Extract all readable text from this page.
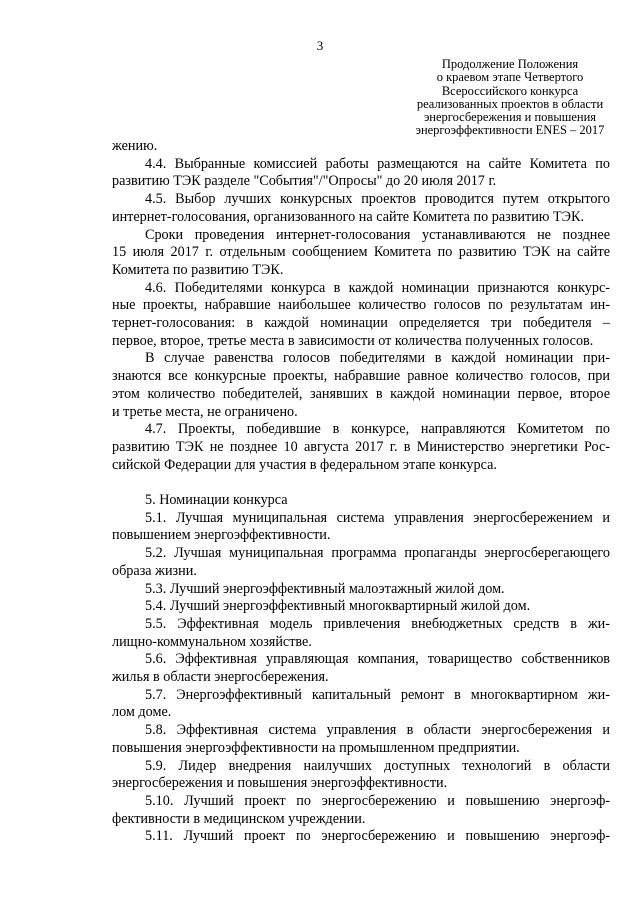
3
Продолжение Положения
о краевом этапе Четвертого
Всероссийского конкурса
реализованных проектов в области
энергосбережения и повышения
энергоэффективности ENES – 2017

жению.

4.4. Выбранные комиссией работы размещаются на сайте Комитета по
развитию ТЭК разделе "События"/"Опросы" до 20 июля 2017 г.

4.5. Выбор лучших конкурсных проектов проводится путем открытого
интернет-голосования, организованного на сайте Комитета по развитию ТЭК.

Сроки проведения интернет-голосования устанавливаются не позднее
15 июля 2017 г. отдельным сообщением Комитета по развитию ТЭК на сайте
Комитета по развитию ТЭК.

4.6. Победителями конкурса в каждой номинации признаются конкурс-
ные проекты, набравшие наибольшее количество голосов по результатам ин-
тернет-голосования: в каждой номинации определяется три победителя –
первое, второе, третье места в зависимости от количества полученных голосов.

В случае равенства голосов победителями в каждой номинации при-
знаются все конкурсные проекты, набравшие равное количество голосов, при
этом количество победителей, занявших в каждой номинации первое, второе
и третье места, не ограничено.

4.7. Проекты, победившие в конкурсе, направляются Комитетом по
развитию ТЭК не позднее 10 августа 2017 г. в Министерство энергетики Рос-
сийской Федерации для участия в федеральном этапе конкурса.

5. Номинации конкурса

5.1. Лучшая муниципальная система управления энергосбережением и
повышением энергоэффективности.

5.2. Лучшая муниципальная программа пропаганды энергосберегающего
образа жизни.

5.3. Лучший энергоэффективный малоэтажный жилой дом.

5.4. Лучший энергоэффективный многоквартирный жилой дом.

5.5. Эффективная модель привлечения внебюджетных средств в жи-
лищно-коммунальном хозяйстве.

5.6. Эффективная управляющая компания, товарищество собственников
жилья в области энергосбережения.

5.7. Энергоэффективный капитальный ремонт в многоквартирном жи-
лом доме.

5.8. Эффективная система управления в области энергосбережения и
повышения энергоэффективности на промышленном предприятии.

5.9. Лидер внедрения наилучших доступных технологий в области
энергосбережения и повышения энергоэффективности.

5.10. Лучший проект по энергосбережению и повышению энергоэф-
фективности в медицинском учреждении.

5.11. Лучший проект по энергосбережению и повышению энергоэф-
